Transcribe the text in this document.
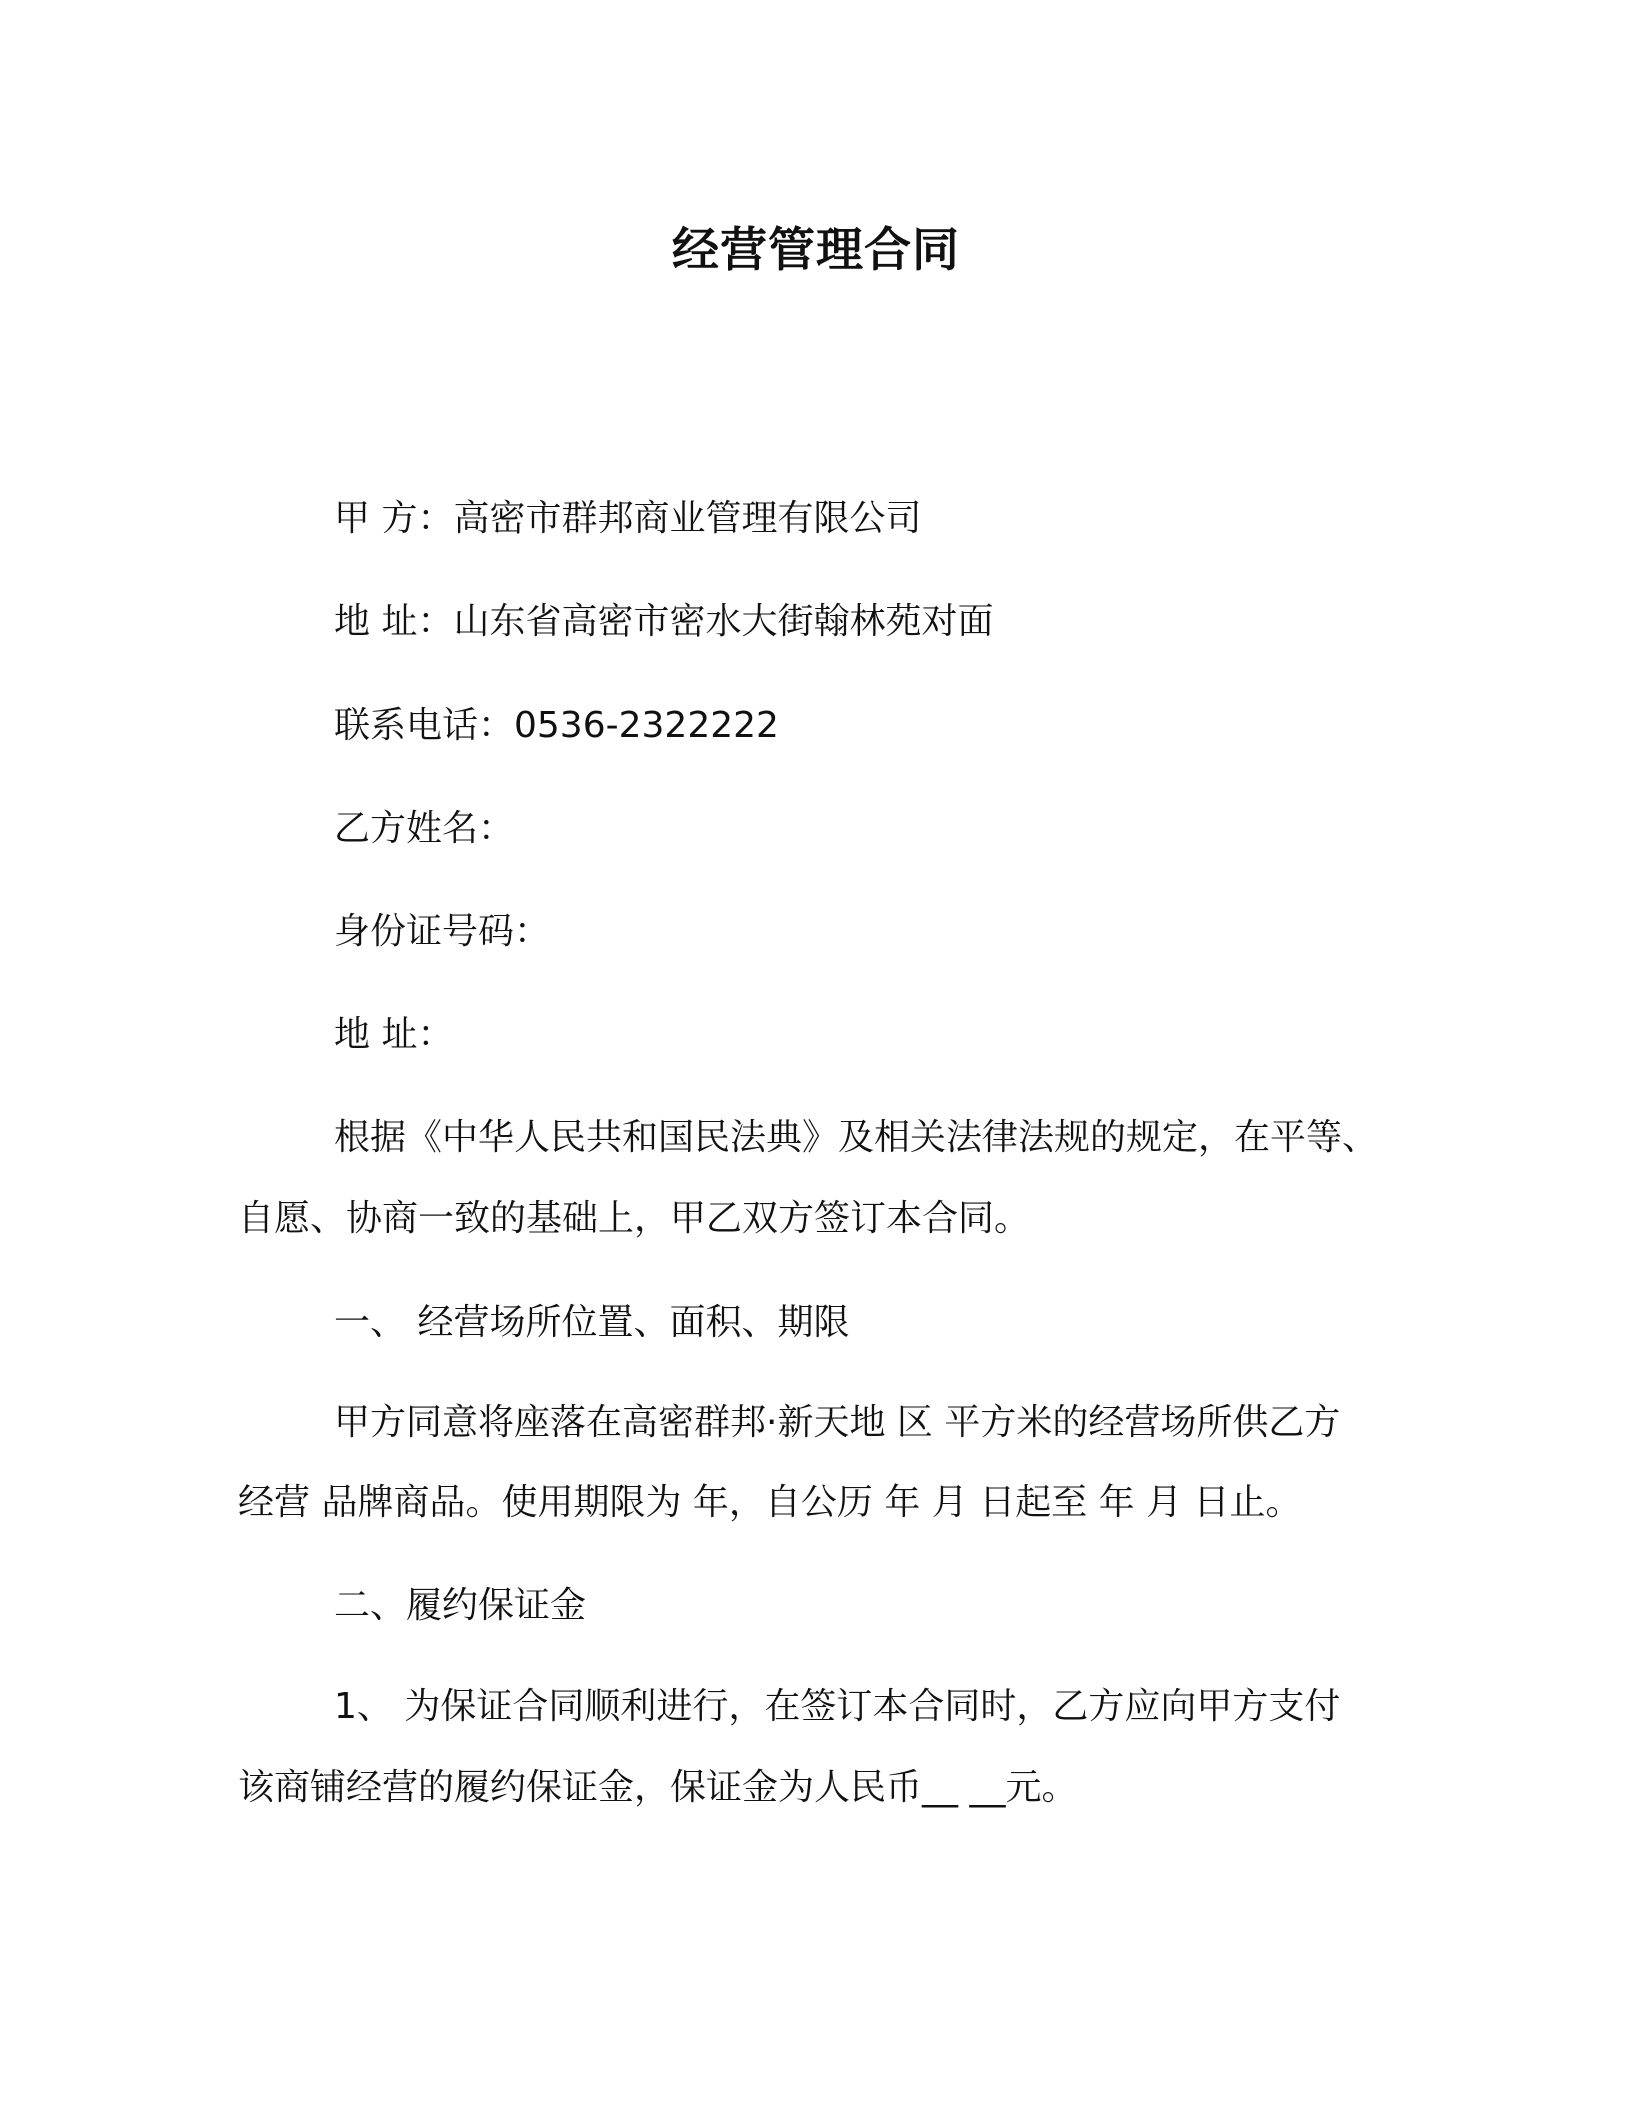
经营管理合同
甲 方：高密市群邦商业管理有限公司
地 址：山东省高密市密水大街翰林苑对面
联系电话：0536-2322222
乙方姓名：
身份证号码：
地 址：
根据《中华人民共和国民法典》及相关法律法规的规定，在平等、
自愿、协商一致的基础上，甲乙双方签订本合同。
一、 经营场所位置、面积、期限
甲方同意将座落在高密群邦·新天地 区 平方米的经营场所供乙方
经营 品牌商品。使用期限为 年，自公历 年 月 日起至 年 月 日止。
二、履约保证金
1、 为保证合同顺利进行，在签订本合同时，乙方应向甲方支付
该商铺经营的履约保证金，保证金为人民币__ __元。
